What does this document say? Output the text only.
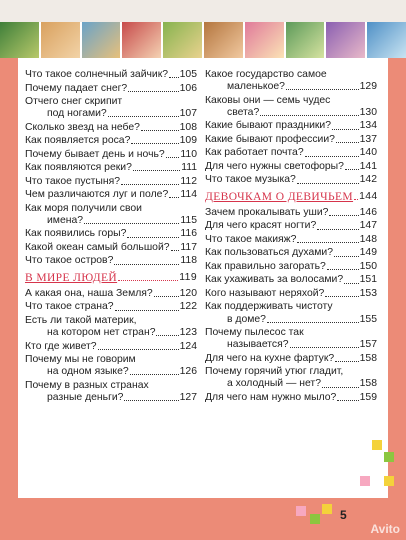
Что такое солнечный зайчик? 105
Почему падает снег?	106
Отчего снег скрипит
под ногами?	107
Сколько звезд на небе?	108
Как появляется роса?	109
Почему бывает день и ночь? 110
Как появляются реки?	111
Что такое пустыня?	112
Чем различаются луг и поле? 114
Как моря получили свои
имена?	115
Как появились горы?	116
Какой океан самый большой? 117
Что такое остров?	118
В МИРЕ ЛЮДЕЙ	119
А какая она, наша Земля?	120
Что такое страна?	122
Есть ли такой материк,
на котором нет стран? 123
Кто где живет?	124
Почему мы не говорим
на одном языке?	126
Почему в разных странах
разные деньги?	127
Какое государство самое
маленькое?	129
Каковы они — семь чудес
света?	130
Какие бывают праздники?	134
Какие бывают профессии? 137
Как работает почта?	140
Для чего нужны светофоры? 141
Что такое музыка?	142
ДЕВОЧКАМ О ДЕВИЧЬЕМ 144
Зачем прокалывать уши?	146
Для чего красят ногти?	147
Что такое макияж?	148
Как пользоваться духами?	149
Как правильно загорать?	150
Как ухаживать за волосами? 151
Кого называют неряхой?	153
Как поддерживать чистоту
в доме?	155
Почему пылесос так
называется?	157
Для чего на кухне фартук? 158
Почему горячий утюг гладит,
а холодный — нет?	158
Для чего нам нужно мыло? 159
5
Avito
